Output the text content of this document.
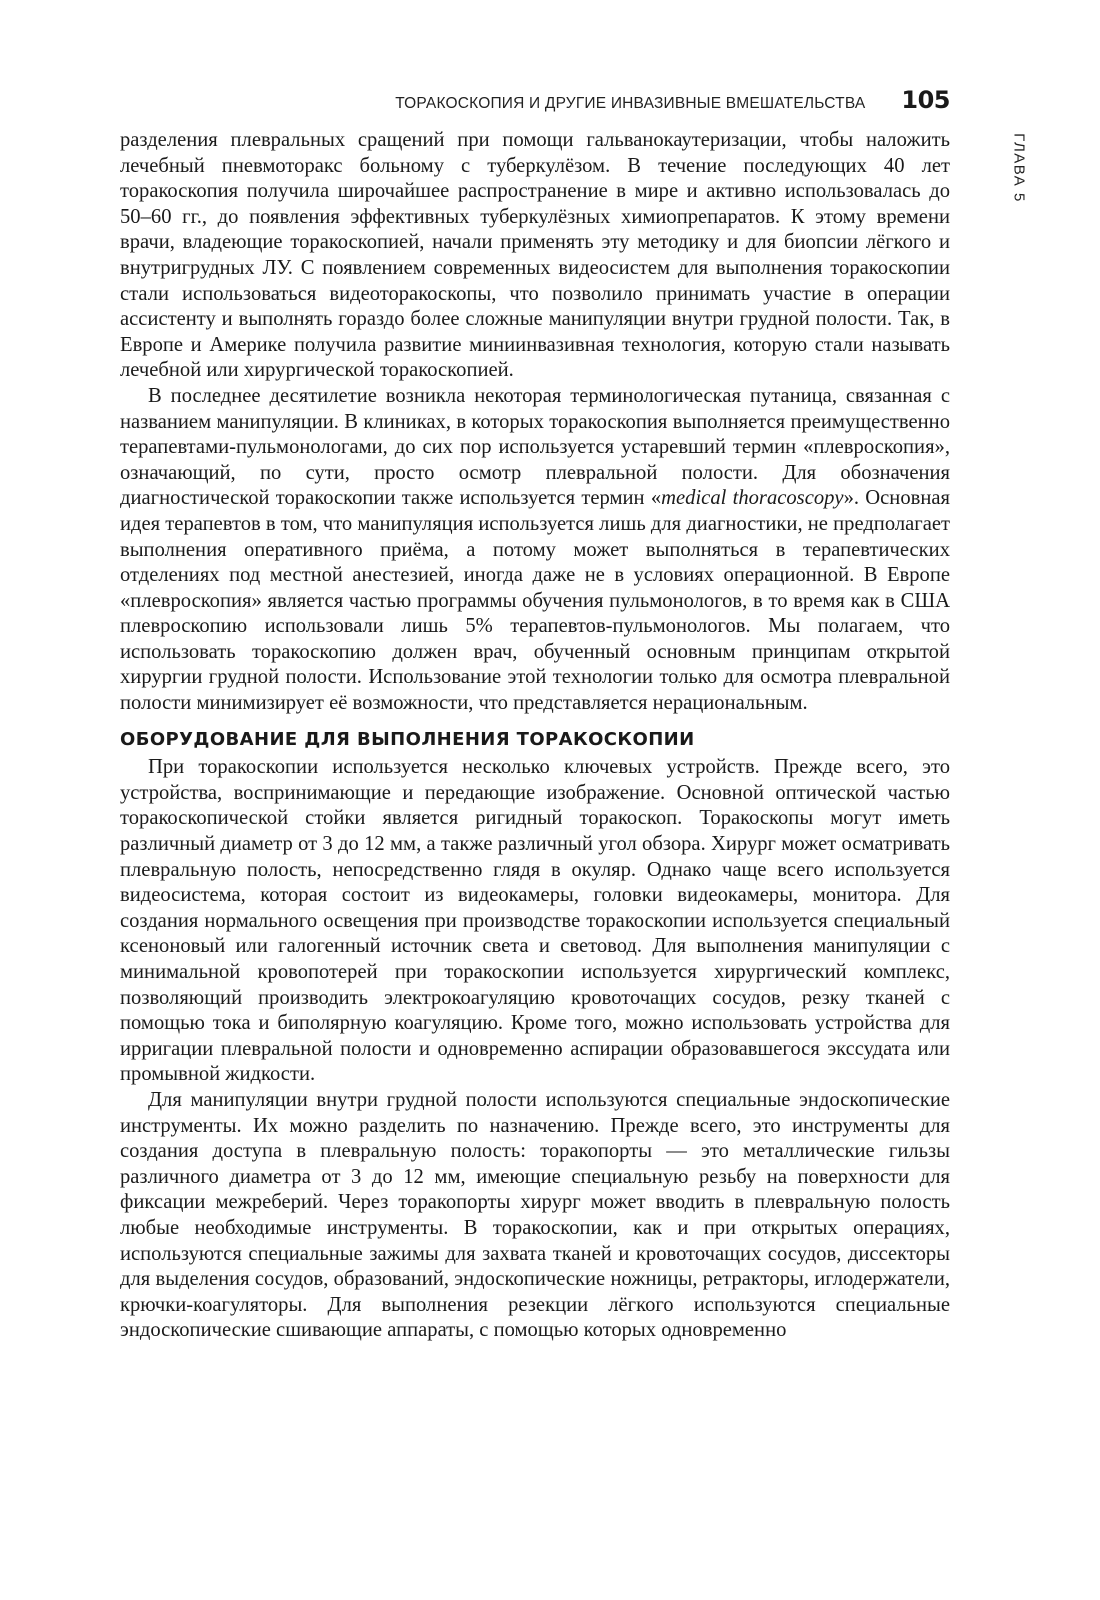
ТОРАКОСКОПИЯ И ДРУГИЕ ИНВАЗИВНЫЕ ВМЕШАТЕЛЬСТВА 105
ГЛАВА 5

разделения плевральных сращений при помощи гальванокаутеризации, чтобы наложить лечебный пневмоторакс больному с туберкулёзом. В течение последующих 40 лет торакоскопия получила широчайшее распространение в мире и активно использовалась до 50–60 гг., до появления эффективных туберкулёзных химиопрепаратов. К этому времени врачи, владеющие торакоскопией, начали применять эту методику и для биопсии лёгкого и внутригрудных ЛУ. С появлением современных видеосистем для выполнения торакоскопии стали использоваться видеоторакоскопы, что позволило принимать участие в операции ассистенту и выполнять гораздо более сложные манипуляции внутри грудной полости. Так, в Европе и Америке получила развитие миниинвазивная технология, которую стали называть лечебной или хирургической торакоскопией.

В последнее десятилетие возникла некоторая терминологическая путаница, связанная с названием манипуляции. В клиниках, в которых торакоскопия выполняется преимущественно терапевтами-пульмонологами, до сих пор используется устаревший термин «плевроскопия», означающий, по сути, просто осмотр плевральной полости. Для обозначения диагностической торакоскопии также используется термин «medical thoracoscopy». Основная идея терапевтов в том, что манипуляция используется лишь для диагностики, не предполагает выполнения оперативного приёма, а потому может выполняться в терапевтических отделениях под местной анестезией, иногда даже не в условиях операционной. В Европе «плевроскопия» является частью программы обучения пульмонологов, в то время как в США плевроскопию использовали лишь 5% терапевтов-пульмонологов. Мы полагаем, что использовать торакоскопию должен врач, обученный основным принципам открытой хирургии грудной полости. Использование этой технологии только для осмотра плевральной полости минимизирует её возможности, что представляется нерациональным.

ОБОРУДОВАНИЕ ДЛЯ ВЫПОЛНЕНИЯ ТОРАКОСКОПИИ

При торакоскопии используется несколько ключевых устройств. Прежде всего, это устройства, воспринимающие и передающие изображение. Основной оптической частью торакоскопической стойки является ригидный торакоскоп. Торакоскопы могут иметь различный диаметр от 3 до 12 мм, а также различный угол обзора. Хирург может осматривать плевральную полость, непосредственно глядя в окуляр. Однако чаще всего используется видеосистема, которая состоит из видеокамеры, головки видеокамеры, монитора. Для создания нормального освещения при производстве торакоскопии используется специальный ксеноновый или галогенный источник света и световод. Для выполнения манипуляции с минимальной кровопотерей при торакоскопии используется хирургический комплекс, позволяющий производить электрокоагуляцию кровоточащих сосудов, резку тканей с помощью тока и биполярную коагуляцию. Кроме того, можно использовать устройства для ирригации плевральной полости и одновременно аспирации образовавшегося экссудата или промывной жидкости.

Для манипуляции внутри грудной полости используются специальные эндоскопические инструменты. Их можно разделить по назначению. Прежде всего, это инструменты для создания доступа в плевральную полость: торакопорты — это металлические гильзы различного диаметра от 3 до 12 мм, имеющие специальную резьбу на поверхности для фиксации межреберий. Через торакопорты хирург может вводить в плевральную полость любые необходимые инструменты. В торакоскопии, как и при открытых операциях, используются специальные зажимы для захвата тканей и кровоточащих сосудов, диссекторы для выделения сосудов, образований, эндоскопические ножницы, ретракторы, иглодержатели, крючки-коагуляторы. Для выполнения резекции лёгкого используются специальные эндоскопические сшивающие аппараты, с помощью которых одновременно
